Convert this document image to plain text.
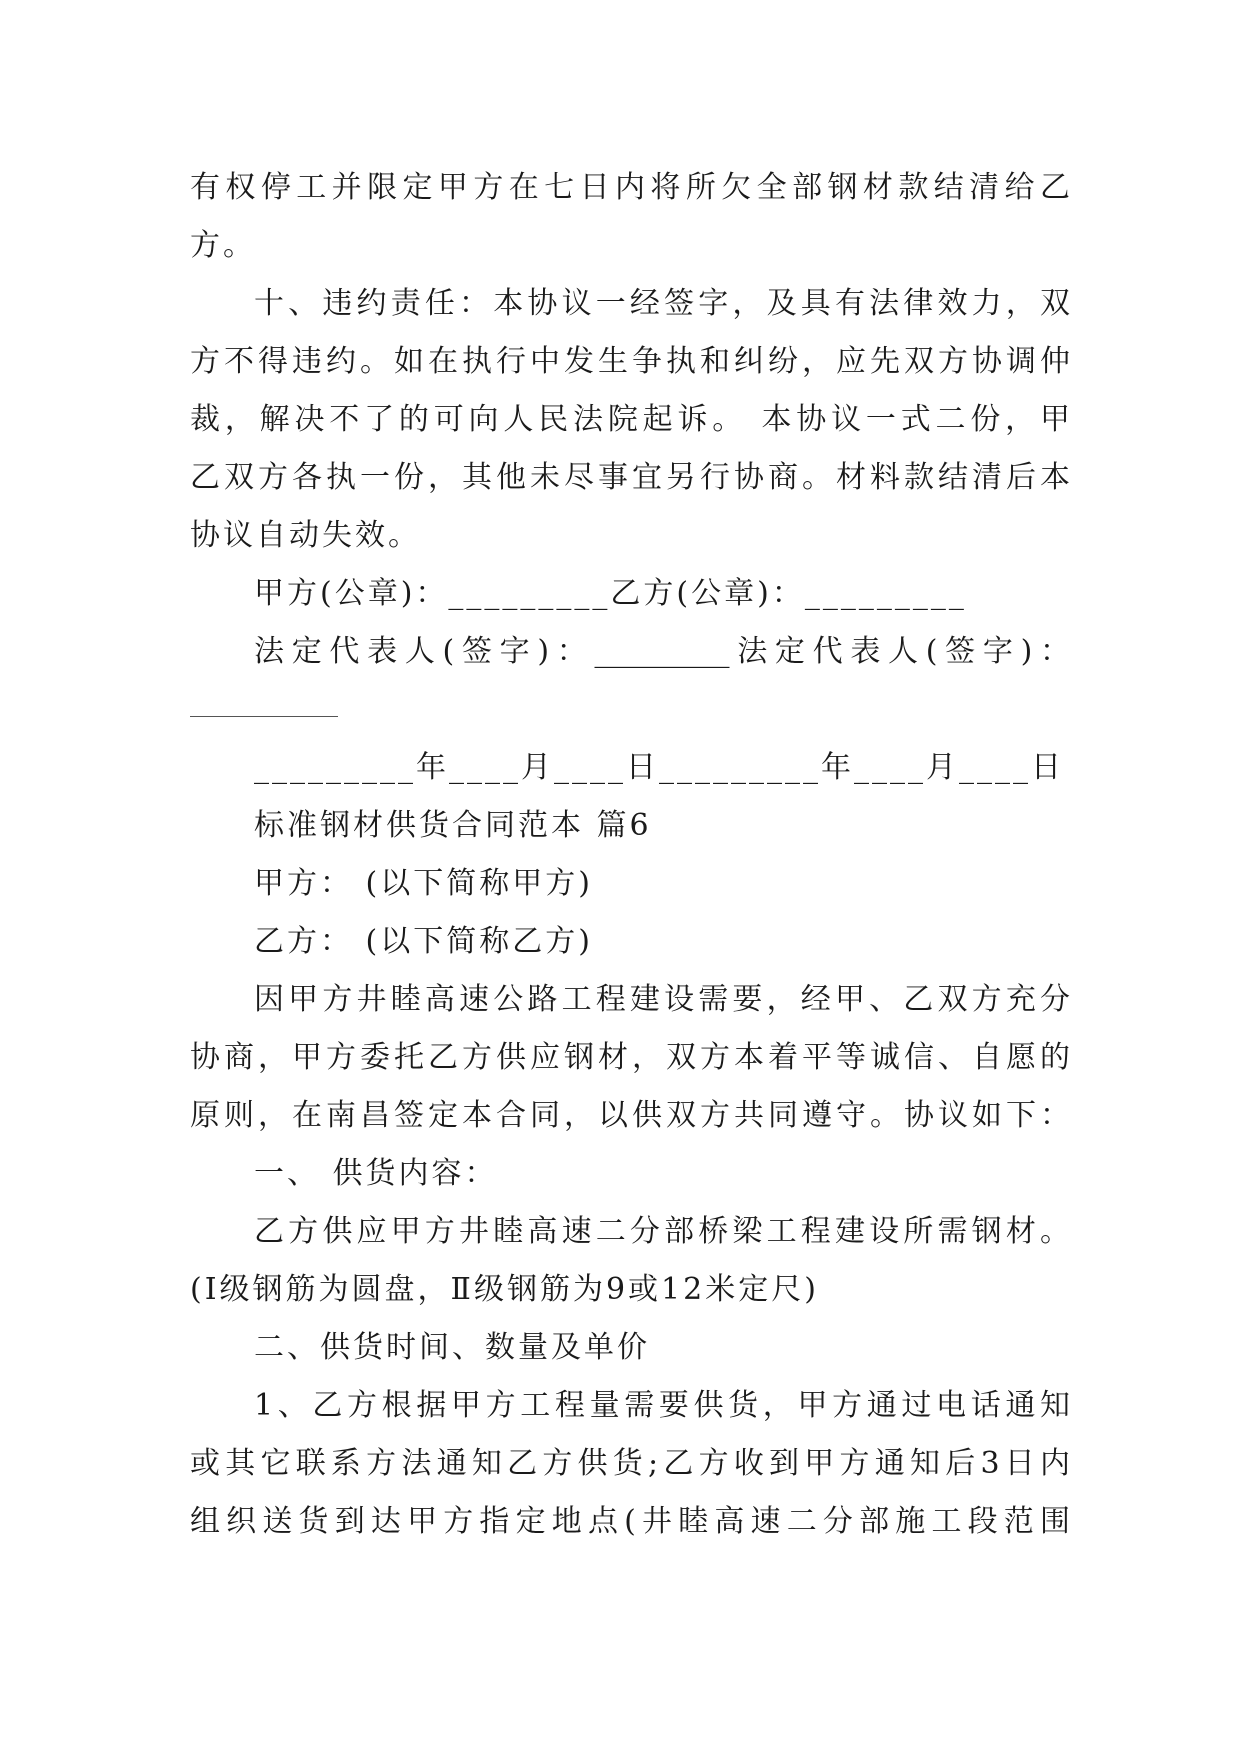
有权停工并限定甲方在七日内将所欠全部钢材款结清给乙
方。
十、违约责任：本协议一经签字，及具有法律效力，双
方不得违约。如在执行中发生争执和纠纷，应先双方协调仲
裁，解决不了的可向人民法院起诉。 本协议一式二份，甲
乙双方各执一份，其他未尽事宜另行协商。材料款结清后本
协议自动失效。
甲方(公章)：_________乙方(公章)：_________
法定代表人(签字)：_________法定代表人(签字)：
_________年____月____日_________年____月____日
标准钢材供货合同范本 篇6
甲方： (以下简称甲方)
乙方： (以下简称乙方)
因甲方井睦高速公路工程建设需要，经甲、乙双方充分
协商，甲方委托乙方供应钢材，双方本着平等诚信、自愿的
原则，在南昌签定本合同，以供双方共同遵守。协议如下：
一、 供货内容：
乙方供应甲方井睦高速二分部桥梁工程建设所需钢材。
(Ⅰ级钢筋为圆盘，Ⅱ级钢筋为9或12米定尺)
二、供货时间、数量及单价
1、乙方根据甲方工程量需要供货，甲方通过电话通知
或其它联系方法通知乙方供货;乙方收到甲方通知后3日内
组织送货到达甲方指定地点(井睦高速二分部施工段范围
